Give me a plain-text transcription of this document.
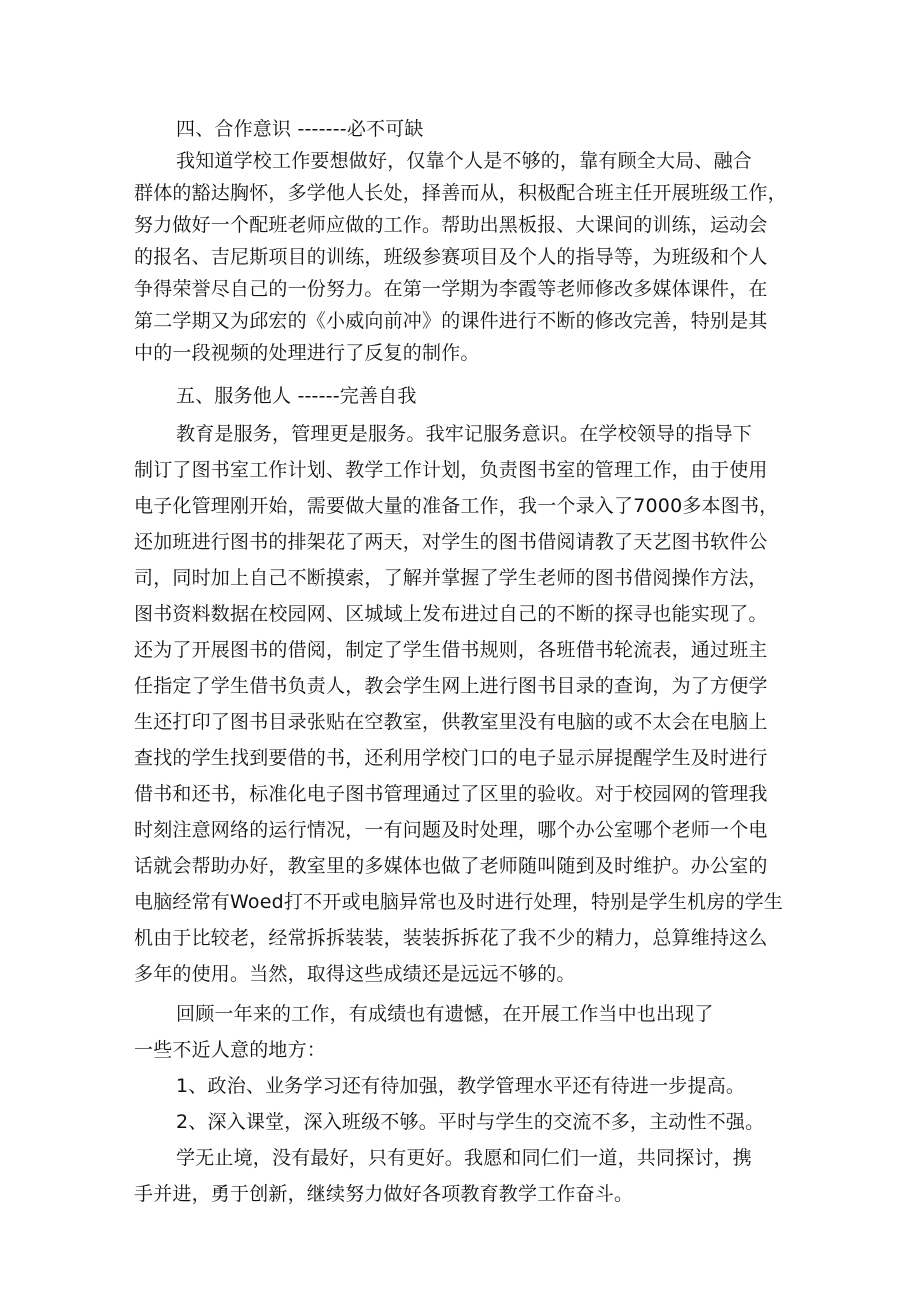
四、合作意识 -------必不可缺
我知道学校工作要想做好，仅靠个人是不够的，靠有顾全大局、融合
群体的豁达胸怀，多学他人长处，择善而从，积极配合班主任开展班级工作，
努力做好一个配班老师应做的工作。帮助出黑板报、大课间的训练，运动会
的报名、吉尼斯项目的训练，班级参赛项目及个人的指导等，为班级和个人
争得荣誉尽自己的一份努力。在第一学期为李霞等老师修改多媒体课件，在
第二学期又为邱宏的《小威向前冲》的课件进行不断的修改完善，特别是其
中的一段视频的处理进行了反复的制作。
五、服务他人 ------完善自我
教育是服务，管理更是服务。我牢记服务意识。在学校领导的指导下
制订了图书室工作计划、教学工作计划，负责图书室的管理工作，由于使用
电子化管理刚开始，需要做大量的准备工作，我一个录入了7000多本图书，
还加班进行图书的排架花了两天，对学生的图书借阅请教了天艺图书软件公
司，同时加上自己不断摸索，了解并掌握了学生老师的图书借阅操作方法，
图书资料数据在校园网、区城域上发布进过自己的不断的探寻也能实现了。
还为了开展图书的借阅，制定了学生借书规则，各班借书轮流表，通过班主
任指定了学生借书负责人，教会学生网上进行图书目录的查询，为了方便学
生还打印了图书目录张贴在空教室，供教室里没有电脑的或不太会在电脑上
查找的学生找到要借的书，还利用学校门口的电子显示屏提醒学生及时进行
借书和还书，标准化电子图书管理通过了区里的验收。对于校园网的管理我
时刻注意网络的运行情况，一有问题及时处理，哪个办公室哪个老师一个电
话就会帮助办好，教室里的多媒体也做了老师随叫随到及时维护。办公室的
电脑经常有Woed打不开或电脑异常也及时进行处理，特别是学生机房的学生
机由于比较老，经常拆拆装装，装装拆拆花了我不少的精力，总算维持这么
多年的使用。当然，取得这些成绩还是远远不够的。
回顾一年来的工作，有成绩也有遗憾，在开展工作当中也出现了
一些不近人意的地方：
1、政治、业务学习还有待加强，教学管理水平还有待进一步提高。
2、深入课堂，深入班级不够。平时与学生的交流不多，主动性不强。
学无止境，没有最好，只有更好。我愿和同仁们一道，共同探讨，携
手并进，勇于创新，继续努力做好各项教育教学工作奋斗。
